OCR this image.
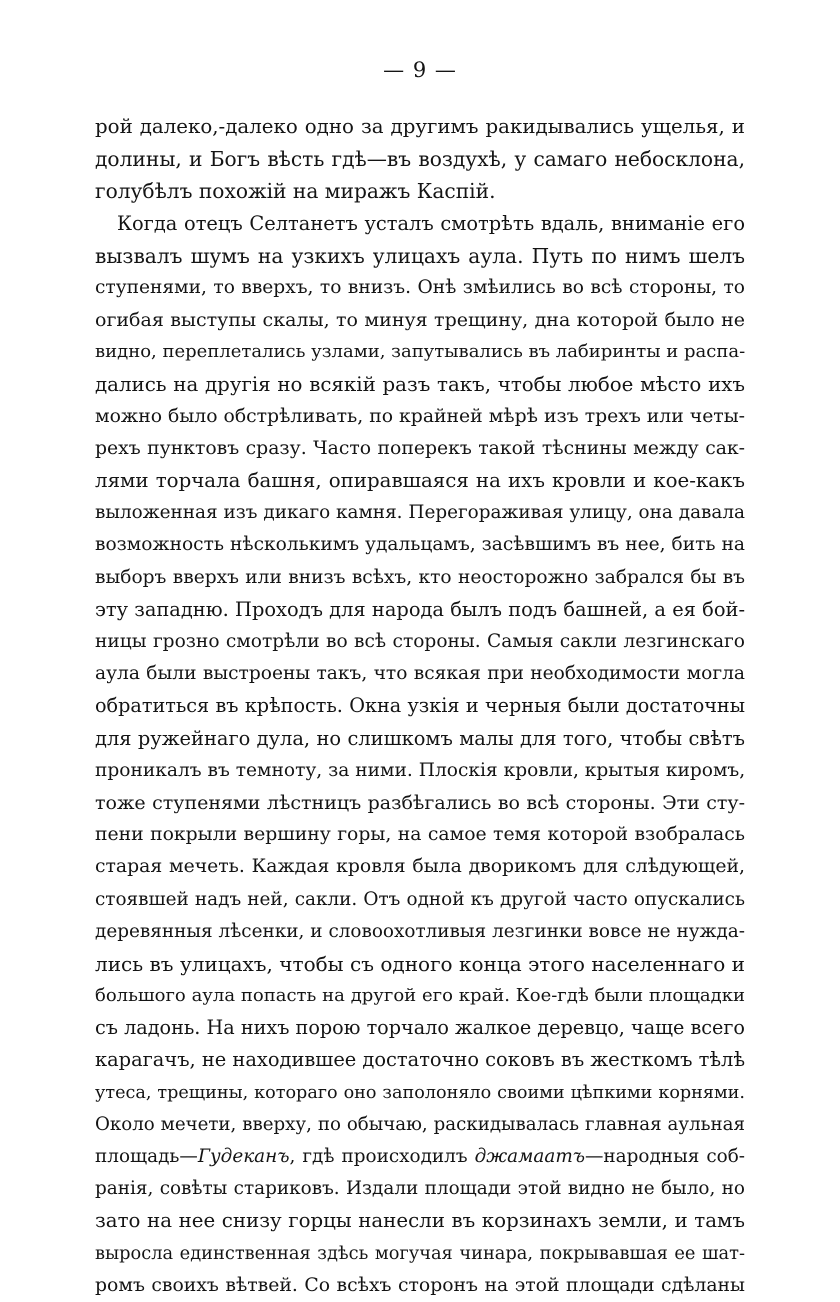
— 9 —
рой далеко,-далеко одно за другимъ ракидывались ущелья, и
долины, и Богъ вѣсть гдѣ—въ воздухѣ, у самаго небосклона,
голубѣлъ похожій на миражъ Каспій.
Когда отецъ Селтанетъ усталъ смотрѣть вдаль, вниманіе его
вызвалъ шумъ на узкихъ улицахъ аула. Путь по нимъ шелъ
ступенями, то вверхъ, то внизъ. Онѣ змѣились во всѣ стороны, то
огибая выступы скалы, то минуя трещину, дна которой было не
видно, переплетались узлами, запутывались въ лабиринты и распа-
дались на другія но всякій разъ такъ, чтобы любое мѣсто ихъ
можно было обстрѣливать, по крайней мѣрѣ изъ трехъ или четы-
рехъ пунктовъ сразу. Часто поперекъ такой тѣснины между сак-
лями торчала башня, опиравшаяся на ихъ кровли и кое-какъ
выложенная изъ дикаго камня. Перегораживая улицу, она давала
возможность нѣсколькимъ удальцамъ, засѣвшимъ въ нее, бить на
выборъ вверхъ или внизъ всѣхъ, кто неосторожно забрался бы въ
эту западню. Проходъ для народа былъ подъ башней, а ея бой-
ницы грозно смотрѣли во всѣ стороны. Самыя сакли лезгинскаго
аула были выстроены такъ, что всякая при необходимости могла
обратиться въ крѣпость. Окна узкія и черныя были достаточны
для ружейнаго дула, но слишкомъ малы для того, чтобы свѣтъ
проникалъ въ темноту, за ними. Плоскія кровли, крытыя киромъ,
тоже ступенями лѣстницъ разбѣгались во всѣ стороны. Эти сту-
пени покрыли вершину горы, на самое темя которой взобралась
старая мечеть. Каждая кровля была дворикомъ для слѣдующей,
стоявшей надъ ней, сакли. Отъ одной къ другой часто опускались
деревянныя лѣсенки, и словоохотливыя лезгинки вовсе не нужда-
лись въ улицахъ, чтобы съ одного конца этого населеннаго и
большого аула попасть на другой его край. Кое-гдѣ были площадки
съ ладонь. На нихъ порою торчало жалкое деревцо, чаще всего
карагачъ, не находившее достаточно соковъ въ жесткомъ тѣлѣ
утеса, трещины, котораго оно заполоняло своими цѣпкими корнями.
Около мечети, вверху, по обычаю, раскидывалась главная аульная
площадь—Гудеканъ, гдѣ происходилъ джамаатъ—народныя соб-
ранія, совѣты стариковъ. Издали площади этой видно не было, но
зато на нее снизу горцы нанесли въ корзинахъ земли, и тамъ
выросла единственная здѣсь могучая чинара, покрывавшая ее шат-
ромъ своихъ вѣтвей. Со всѣхъ сторонъ на этой площади сдѣланы
